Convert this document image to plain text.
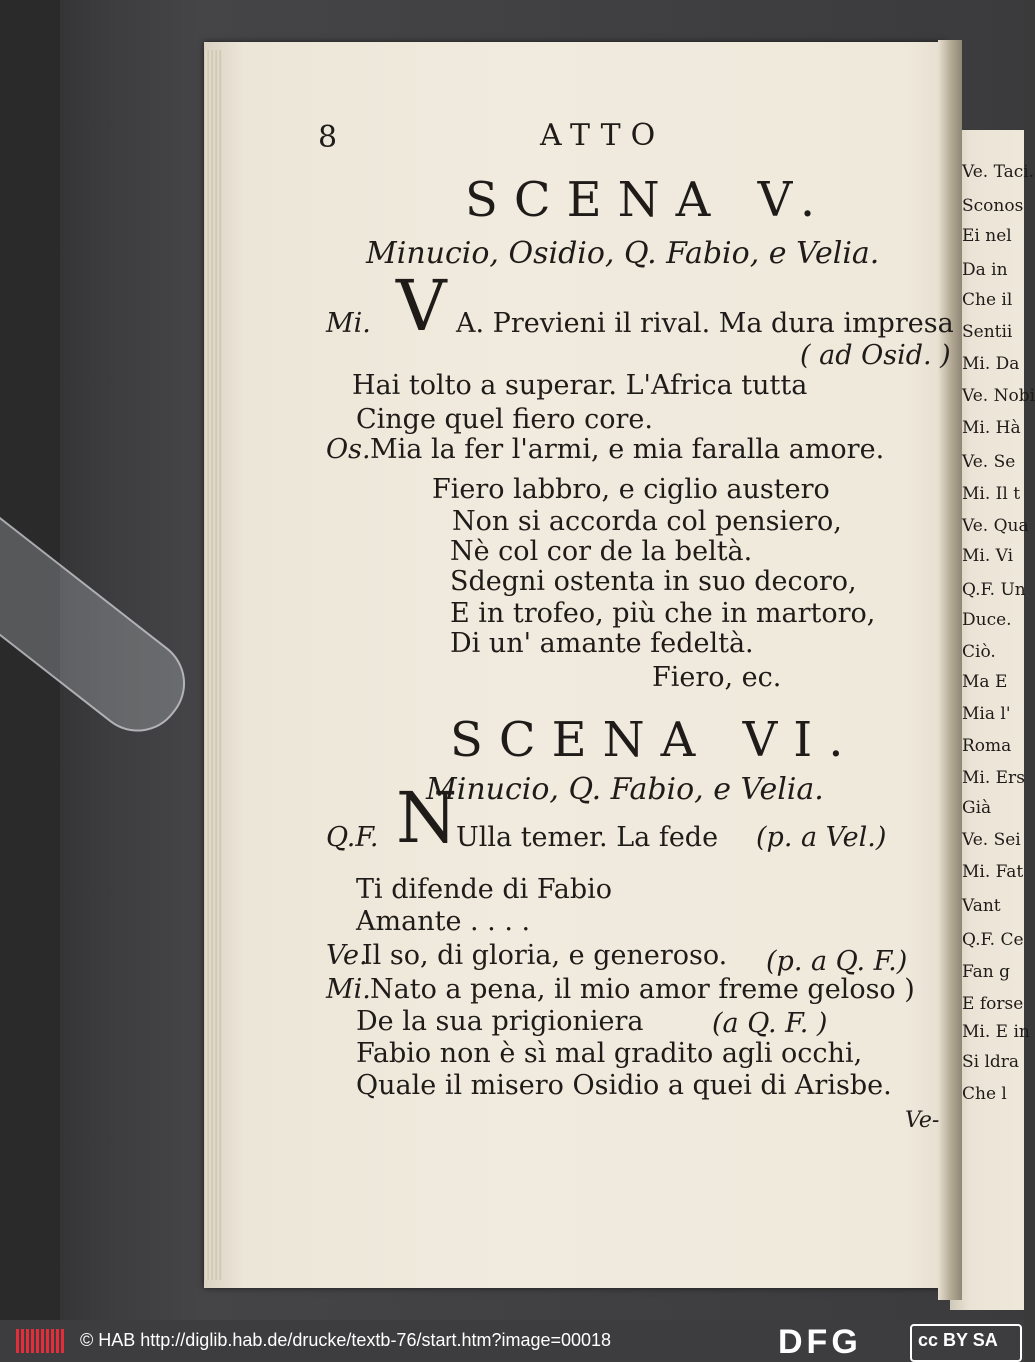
8	ATTO
SCENA V.
Minucio, Osidio, Q. Fabio, e Velia.
Mi. V A. Previeni il rival. Ma dura impresa
( ad Osid. )
Hai tolto a superar. L'Africa tutta
Cinge quel fiero core.
Os. Mia la fer l'armi, e mia faralla amore.
Fiero labbro, e ciglio austero
Non si accorda col pensiero,
Nè col cor de la beltà.
Sdegni ostenta in suo decoro,
E in trofeo, più che in martoro,
Di un' amante fedeltà.
Fiero, ec.
SCENA VI.
Minucio, Q. Fabio, e Velia.
Q.F. N
Ulla temer. La fede (p. a Vel.)
Ti difende di Fabio
Amante . . . .
Ve.
Il so, di gloria, e generoso. (p. a Q. F.)
Mi. Nato a pena, il mio amor freme geloso )
De la sua prigioniera	(a Q. F. )
Fabio non è sì mal gradito agli occhi,
Quale il misero Osidio a quei di Arisbe.
Ve-
Ve. Taci.
Sconos
Ei nel
Da in
Che il
Sentii
Mi. Da
Ve. Nobi
Mi. Hà
Ve. Se
Mi. Il t
Ve. Qua
Mi. Vi
Q.F. Un
Duce.
Ciò.
Ma E
Mia l'
Roma
Mi. Ers
Già
Ve. Sei
Mi. Fat
Vant
Q.F. Ce
Fan g
E forse
Mi. E in
Si ldra
Che l
© HAB http://diglib.hab.de/drucke/textb-76/start.htm?image=00018	DFG	cc BY SA
